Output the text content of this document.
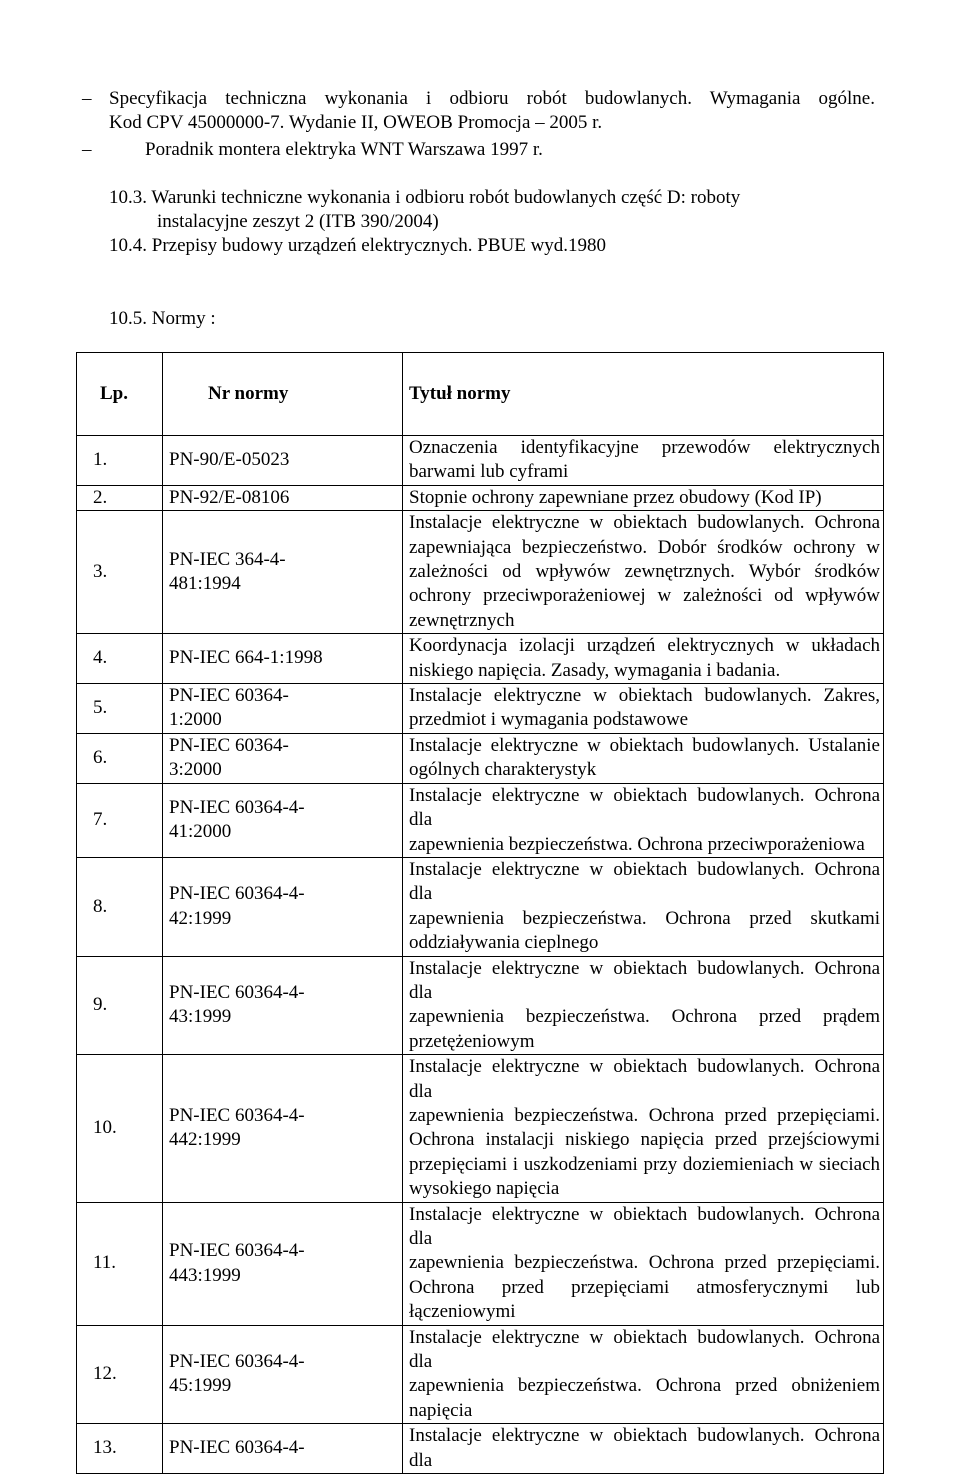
– Specyfikacja techniczna wykonania i odbioru robót budowlanych. Wymagania ogólne.
Kod CPV 45000000-7. Wydanie II, OWEOB Promocja – 2005 r.
–	Poradnik montera elektryka WNT Warszawa 1997 r.
10.3. Warunki techniczne wykonania i odbioru robót budowlanych część D: roboty
instalacyjne zeszyt 2 (ITB 390/2004)
10.4. Przepisy budowy urządzeń elektrycznych. PBUE wyd.1980
10.5. Normy :
Lp.	Nr normy	Tytuł normy
1.	PN-90/E-05023	Oznaczenia identyfikacyjne przewodów elektrycznych
barwami lub cyframi

2.	PN-92/E-08106	Stopnie ochrony zapewniane przez obudowy (Kod IP)

3.	PN-IEC 364-4-
481:1994	Instalacje elektryczne w obiektach budowlanych. Ochrona
zapewniająca bezpieczeństwo. Dobór środków ochrony w
zależności od wpływów zewnętrznych. Wybór środków
ochrony przeciwporażeniowej w zależności od wpływów
zewnętrznych

4.	PN-IEC 664-1:1998	Koordynacja izolacji urządzeń elektrycznych w układach
niskiego napięcia. Zasady, wymagania i badania.

5.	PN-IEC 60364-
1:2000	Instalacje elektryczne w obiektach budowlanych. Zakres,
przedmiot i wymagania podstawowe

6.	PN-IEC 60364-
3:2000	Instalacje elektryczne w obiektach budowlanych. Ustalanie
ogólnych charakterystyk

7.	PN-IEC 60364-4-
41:2000	Instalacje elektryczne w obiektach budowlanych. Ochrona dla
zapewnienia bezpieczeństwa. Ochrona przeciwporażeniowa

8.	PN-IEC 60364-4-
42:1999	Instalacje elektryczne w obiektach budowlanych. Ochrona dla
zapewnienia bezpieczeństwa. Ochrona przed skutkami
oddziaływania cieplnego

9.	PN-IEC 60364-4-
43:1999	Instalacje elektryczne w obiektach budowlanych. Ochrona dla
zapewnienia bezpieczeństwa. Ochrona przed prądem
przetężeniowym

10.	PN-IEC 60364-4-
442:1999	Instalacje elektryczne w obiektach budowlanych. Ochrona dla
zapewnienia bezpieczeństwa. Ochrona przed przepięciami.
Ochrona instalacji niskiego napięcia przed przejściowymi
przepięciami i uszkodzeniami przy doziemieniach w sieciach
wysokiego napięcia

11.	PN-IEC 60364-4-
443:1999	Instalacje elektryczne w obiektach budowlanych. Ochrona dla
zapewnienia bezpieczeństwa. Ochrona przed przepięciami.
Ochrona przed przepięciami atmosferycznymi lub
łączeniowymi

12.	PN-IEC 60364-4-
45:1999	Instalacje elektryczne w obiektach budowlanych. Ochrona dla
zapewnienia bezpieczeństwa. Ochrona przed obniżeniem
napięcia

13.	PN-IEC 60364-4-	Instalacje elektryczne w obiektach budowlanych. Ochrona dla
